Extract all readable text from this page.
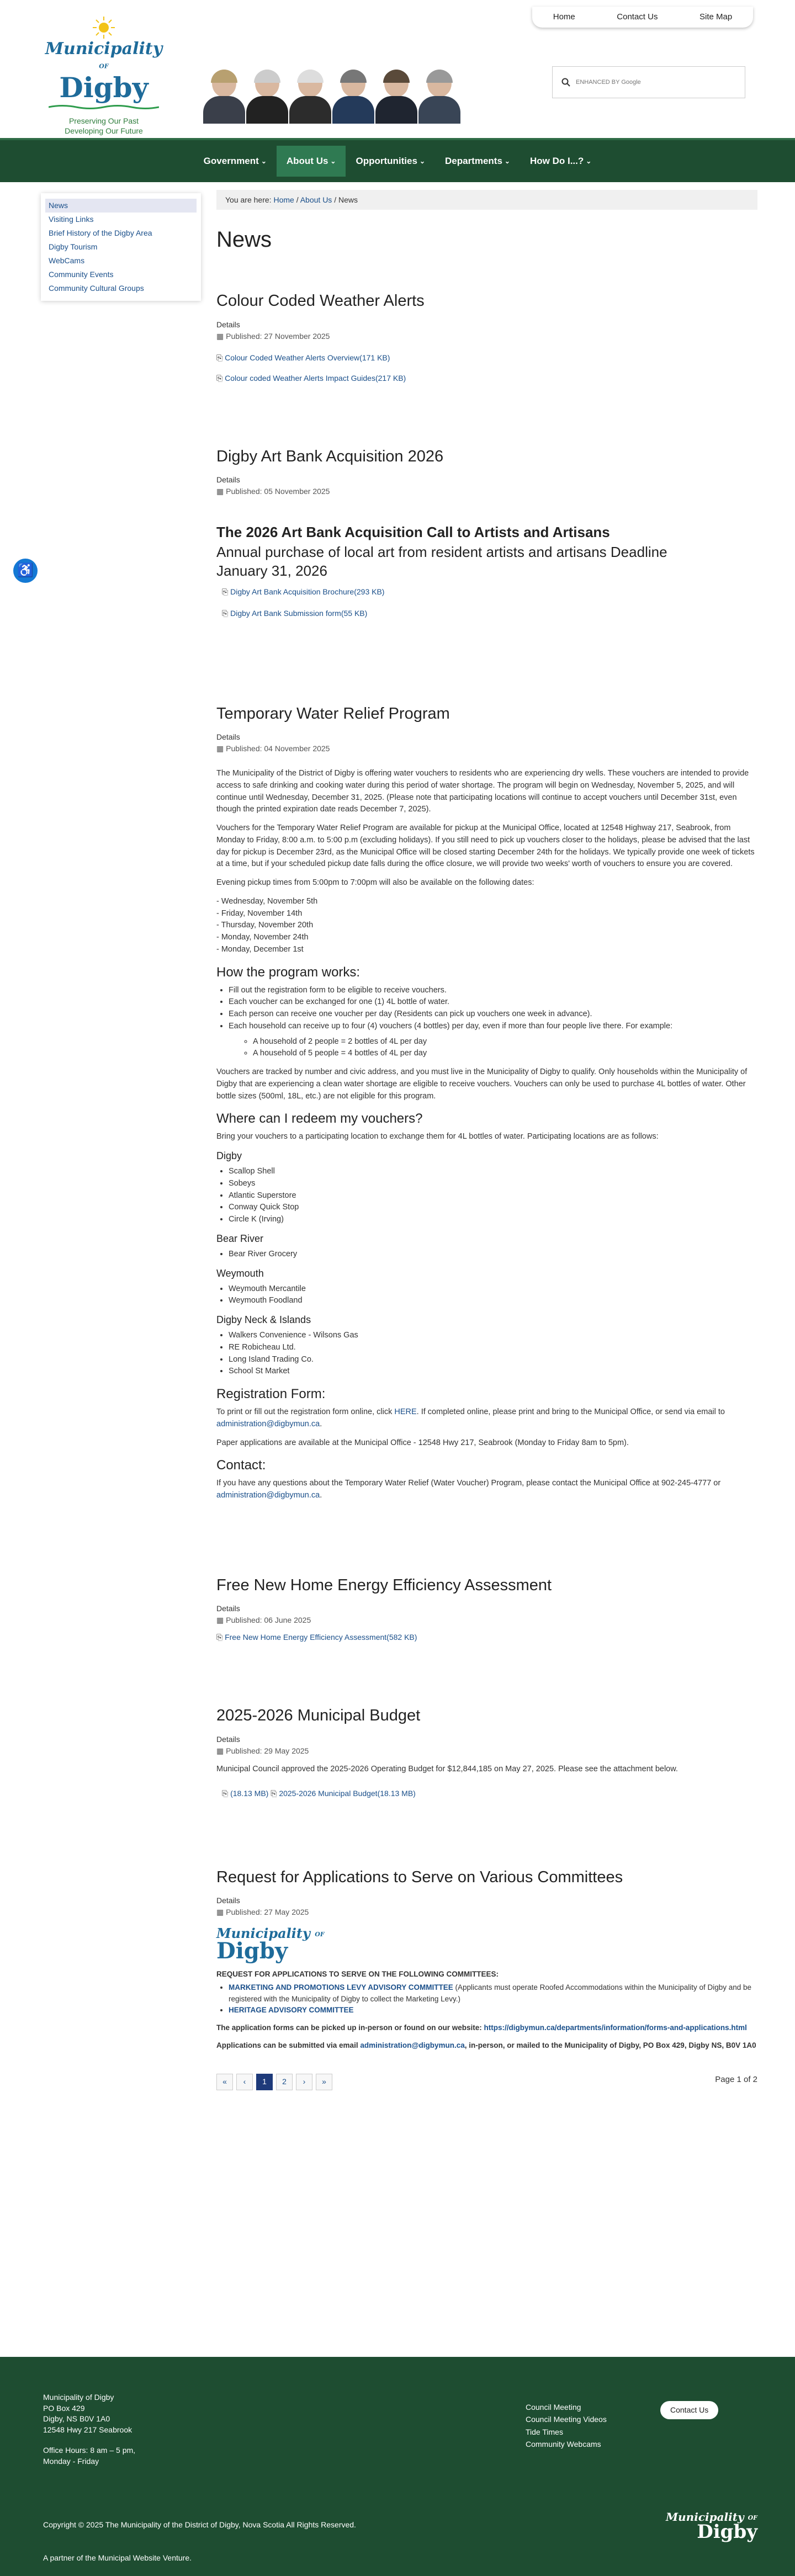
Home	Contact Us	Site Map
Municipality OF
Digby
Preserving Our Past
Developing Our Future
ENHANCED BY Google
Government ⌄ About Us ⌄ Opportunities ⌄ Departments ⌄ How Do I...? ⌄
♿
News
Visiting Links
Brief History of the Digby Area
Digby Tourism
WebCams
Community Events
Community Cultural Groups
You are here: Home / About Us / News
News
Colour Coded Weather Alerts
Details
▦ Published: 27 November 2025
⎘ Colour Coded Weather Alerts Overview(171 KB)
⎘ Colour coded Weather Alerts Impact Guides(217 KB)
Digby Art Bank Acquisition 2026
Details
▦ Published: 05 November 2025
The 2026 Art Bank Acquisition Call to Artists and Artisans
Annual purchase of local art from resident artists and artisans Deadline January 31, 2026
⎘ Digby Art Bank Acquisition Brochure(293 KB)
⎘ Digby Art Bank Submission form(55 KB)
Temporary Water Relief Program
Details
▦ Published: 04 November 2025

The Municipality of the District of Digby is offering water vouchers to residents who are experiencing dry wells. These vouchers are intended to provide access to safe drinking and cooking water during this period of water shortage. The program will begin on Wednesday, November 5, 2025, and will continue until Wednesday, December 31, 2025. (Please note that participating locations will continue to accept vouchers until December 31st, even though the printed expiration date reads December 7, 2025).

Vouchers for the Temporary Water Relief Program are available for pickup at the Municipal Office, located at 12548 Highway 217, Seabrook, from Monday to Friday, 8:00 a.m. to 5:00 p.m (excluding holidays). If you still need to pick up vouchers closer to the holidays, please be advised that the last day for pickup is December 23rd, as the Municipal Office will be closed starting December 24th for the holidays. We typically provide one week of tickets at a time, but if your scheduled pickup date falls during the office closure, we will provide two weeks' worth of vouchers to ensure you are covered.

Evening pickup times from 5:00pm to 7:00pm will also be available on the following dates:

- Wednesday, November 5th
- Friday, November 14th
- Thursday, November 20th
- Monday, November 24th
- Monday, December 1st
How the program works:
• Fill out the registration form to be eligible to receive vouchers.
• Each voucher can be exchanged for one (1) 4L bottle of water.
• Each person can receive one voucher per day (Residents can pick up vouchers one week in advance).
• Each household can receive up to four (4) vouchers (4 bottles) per day, even if more than four people live there. For example:
◦ A household of 2 people = 2 bottles of 4L per day
◦ A household of 5 people = 4 bottles of 4L per day

Vouchers are tracked by number and civic address, and you must live in the Municipality of Digby to qualify. Only households within the Municipality of Digby that are experiencing a clean water shortage are eligible to receive vouchers. Vouchers can only be used to purchase 4L bottles of water. Other bottle sizes (500ml, 18L, etc.) are not eligible for this program.

Where can I redeem my vouchers?

Bring your vouchers to a participating location to exchange them for 4L bottles of water. Participating locations are as follows:

Digby
• Scallop Shell
• Sobeys
• Atlantic Superstore
• Conway Quick Stop
• Circle K (Irving)
Bear River
• Bear River Grocery
Weymouth
• Weymouth Mercantile
• Weymouth Foodland
Digby Neck & Islands
• Walkers Convenience - Wilsons Gas
• RE Robicheau Ltd.
• Long Island Trading Co.
• School St Market
Registration Form:

To print or fill out the registration form online, click HERE. If completed online, please print and bring to the Municipal Office, or send via email to administration@digbymun.ca.

Paper applications are available at the Municipal Office - 12548 Hwy 217, Seabrook (Monday to Friday 8am to 5pm).

Contact:

If you have any questions about the Temporary Water Relief (Water Voucher) Program, please contact the Municipal Office at 902-245-4777 or administration@digbymun.ca.

Free New Home Energy Efficiency Assessment
Details
▦ Published: 06 June 2025
⎘ Free New Home Energy Efficiency Assessment(582 KB)
2025-2026 Municipal Budget
Details
▦ Published: 29 May 2025

Municipal Council approved the 2025-2026 Operating Budget for $12,844,185 on May 27, 2025. Please see the attachment below.

⎘ (18.13 MB) ⎘ 2025-2026 Municipal Budget(18.13 MB)
Request for Applications to Serve on Various Committees
Details
▦ Published: 27 May 2025
Municipality OF
Digby

REQUEST FOR APPLICATIONS TO SERVE ON THE FOLLOWING COMMITTEES:

• MARKETING AND PROMOTIONS LEVY ADVISORY COMMITTEE (Applicants must operate Roofed Accommodations within the Municipality of Digby and be registered with the Municipality of Digby to collect the Marketing Levy.)
• HERITAGE ADVISORY COMMITTEE

The application forms can be picked up in-person or found on our website: https://digbymun.ca/departments/information/forms-and-applications.html

Applications can be submitted via email administration@digbymun.ca, in-person, or mailed to the Municipality of Digby, PO Box 429, Digby NS, B0V 1A0

«	‹	1	2	›	»	Page 1 of 2
Municipality of Digby
PO Box 429
Digby, NS B0V 1A0
12548 Hwy 217 Seabrook
Office Hours: 8 am – 5 pm,
Monday - Friday
Council Meeting
Council Meeting Videos
Tide Times
Community Webcams
Contact Us
Copyright © 2025 The Municipality of the District of Digby, Nova Scotia All Rights Reserved.
A partner of the Municipal Website Venture.
Municipality OF
Digby
